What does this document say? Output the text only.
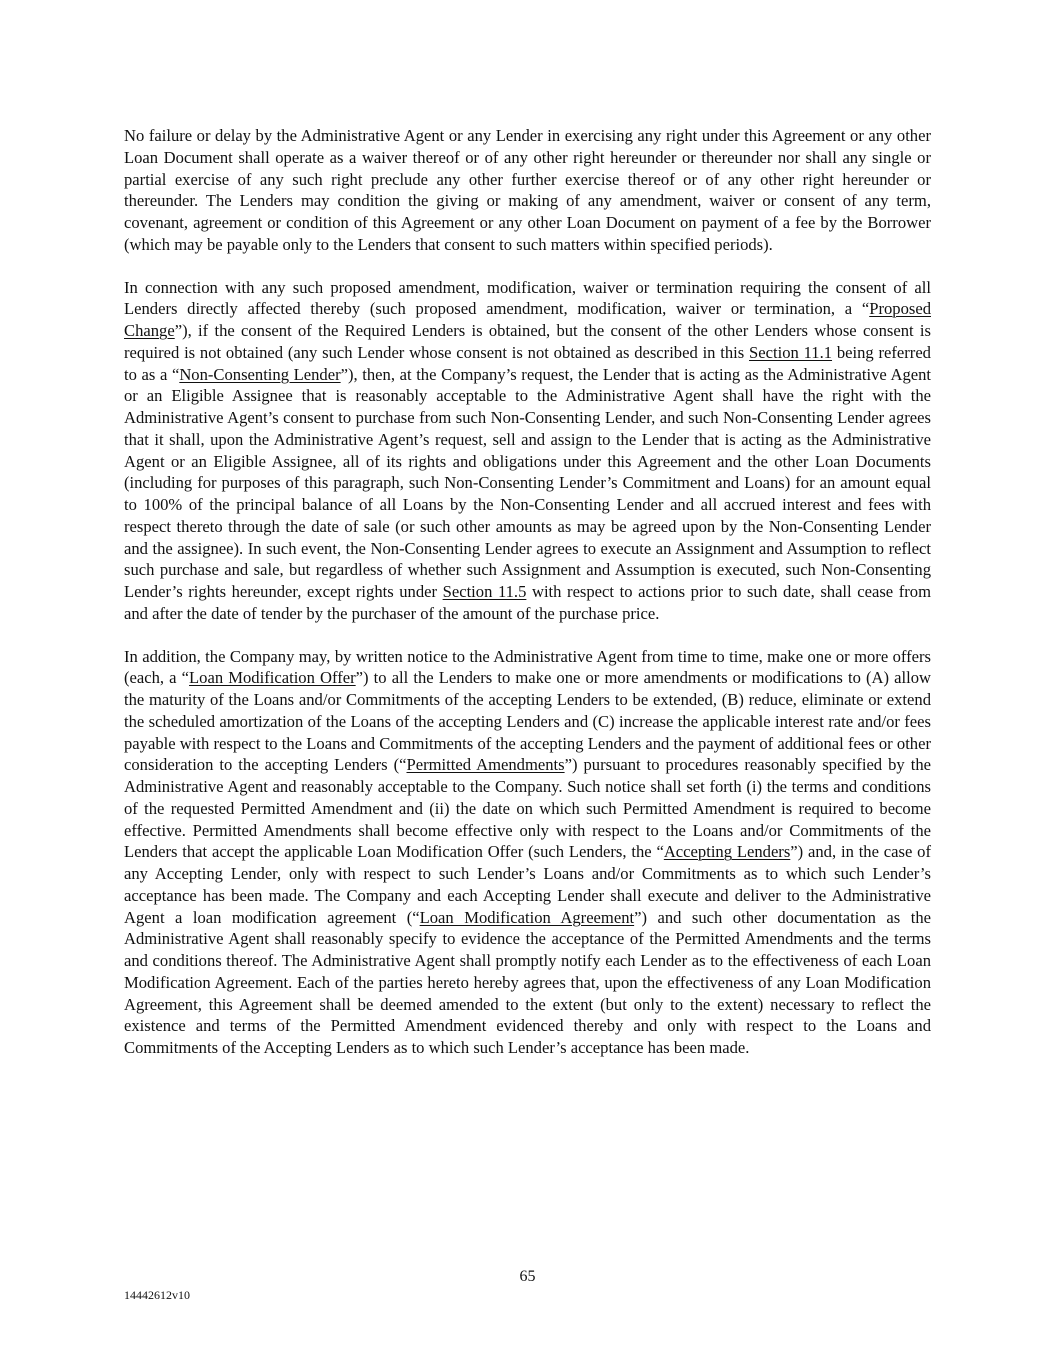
No failure or delay by the Administrative Agent or any Lender in exercising any right under this Agreement or any other Loan Document shall operate as a waiver thereof or of any other right hereunder or thereunder nor shall any single or partial exercise of any such right preclude any other further exercise thereof or of any other right hereunder or thereunder. The Lenders may condition the giving or making of any amendment, waiver or consent of any term, covenant, agreement or condition of this Agreement or any other Loan Document on payment of a fee by the Borrower (which may be payable only to the Lenders that consent to such matters within specified periods).

In connection with any such proposed amendment, modification, waiver or termination requiring the consent of all Lenders directly affected thereby (such proposed amendment, modification, waiver or termination, a “Proposed Change”), if the consent of the Required Lenders is obtained, but the consent of the other Lenders whose consent is required is not obtained (any such Lender whose consent is not obtained as described in this Section 11.1 being referred to as a “Non-Consenting Lender”), then, at the Company’s request, the Lender that is acting as the Administrative Agent or an Eligible Assignee that is reasonably acceptable to the Administrative Agent shall have the right with the Administrative Agent’s consent to purchase from such Non-Consenting Lender, and such Non-Consenting Lender agrees that it shall, upon the Administrative Agent’s request, sell and assign to the Lender that is acting as the Administrative Agent or an Eligible Assignee, all of its rights and obligations under this Agreement and the other Loan Documents (including for purposes of this paragraph, such Non-Consenting Lender’s Commitment and Loans) for an amount equal to 100% of the principal balance of all Loans by the Non-Consenting Lender and all accrued interest and fees with respect thereto through the date of sale (or such other amounts as may be agreed upon by the Non-Consenting Lender and the assignee). In such event, the Non-Consenting Lender agrees to execute an Assignment and Assumption to reflect such purchase and sale, but regardless of whether such Assignment and Assumption is executed, such Non-Consenting Lender’s rights hereunder, except rights under Section 11.5 with respect to actions prior to such date, shall cease from and after the date of tender by the purchaser of the amount of the purchase price.

In addition, the Company may, by written notice to the Administrative Agent from time to time, make one or more offers (each, a “Loan Modification Offer”) to all the Lenders to make one or more amendments or modifications to (A) allow the maturity of the Loans and/or Commitments of the accepting Lenders to be extended, (B) reduce, eliminate or extend the scheduled amortization of the Loans of the accepting Lenders and (C) increase the applicable interest rate and/or fees payable with respect to the Loans and Commitments of the accepting Lenders and the payment of additional fees or other consideration to the accepting Lenders (“Permitted Amendments”) pursuant to procedures reasonably specified by the Administrative Agent and reasonably acceptable to the Company. Such notice shall set forth (i) the terms and conditions of the requested Permitted Amendment and (ii) the date on which such Permitted Amendment is required to become effective. Permitted Amendments shall become effective only with respect to the Loans and/or Commitments of the Lenders that accept the applicable Loan Modification Offer (such Lenders, the “Accepting Lenders”) and, in the case of any Accepting Lender, only with respect to such Lender’s Loans and/or Commitments as to which such Lender’s acceptance has been made. The Company and each Accepting Lender shall execute and deliver to the Administrative Agent a loan modification agreement (“Loan Modification Agreement”) and such other documentation as the Administrative Agent shall reasonably specify to evidence the acceptance of the Permitted Amendments and the terms and conditions thereof. The Administrative Agent shall promptly notify each Lender as to the effectiveness of each Loan Modification Agreement. Each of the parties hereto hereby agrees that, upon the effectiveness of any Loan Modification Agreement, this Agreement shall be deemed amended to the extent (but only to the extent) necessary to reflect the existence and terms of the Permitted Amendment evidenced thereby and only with respect to the Loans and Commitments of the Accepting Lenders as to which such Lender’s acceptance has been made.

65
14442612v10
